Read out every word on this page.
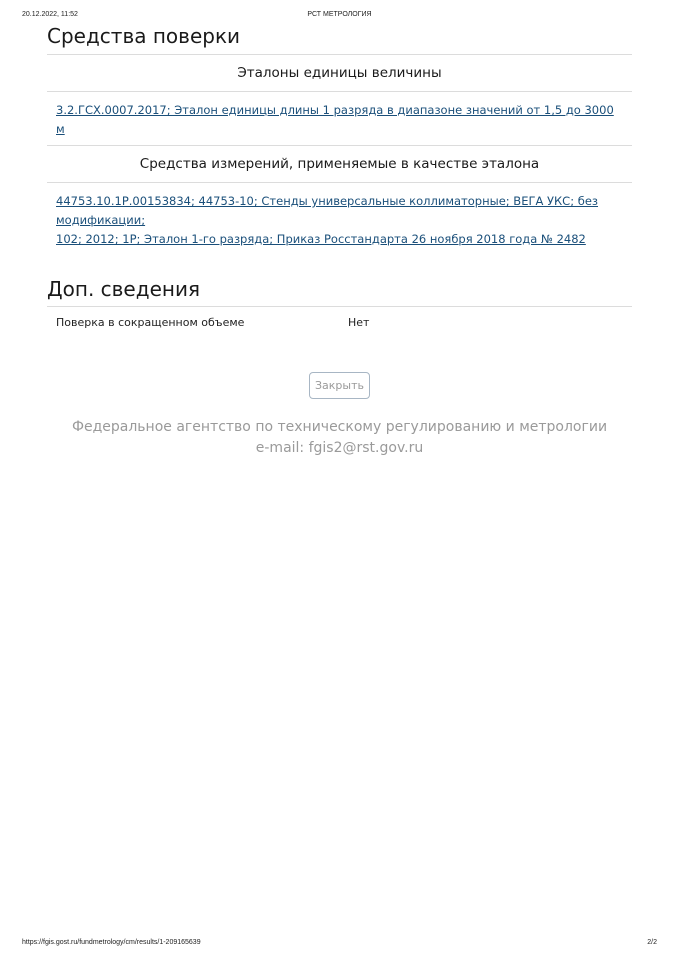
20.12.2022, 11:52	РСТ МЕТРОЛОГИЯ
Средства поверки
Эталоны единицы величины
3.2.ГСХ.0007.2017; Эталон единицы длины 1 разряда в диапазоне значений от 1,5 до 3000 м
Средства измерений, применяемые в качестве эталона
44753.10.1Р.00153834; 44753-10; Стенды универсальные коллиматорные; ВЕГА УКС; без модификации;
102; 2012; 1Р; Эталон 1-го разряда; Приказ Росстандарта 26 ноября 2018 года № 2482
Доп. сведения
Поверка в сокращенном объеме	Нет
Закрыть
Федеральное агентство по техническому регулированию и метрологии
e-mail: fgis2@rst.gov.ru
https://fgis.gost.ru/fundmetrology/cm/results/1-209165639	2/2
